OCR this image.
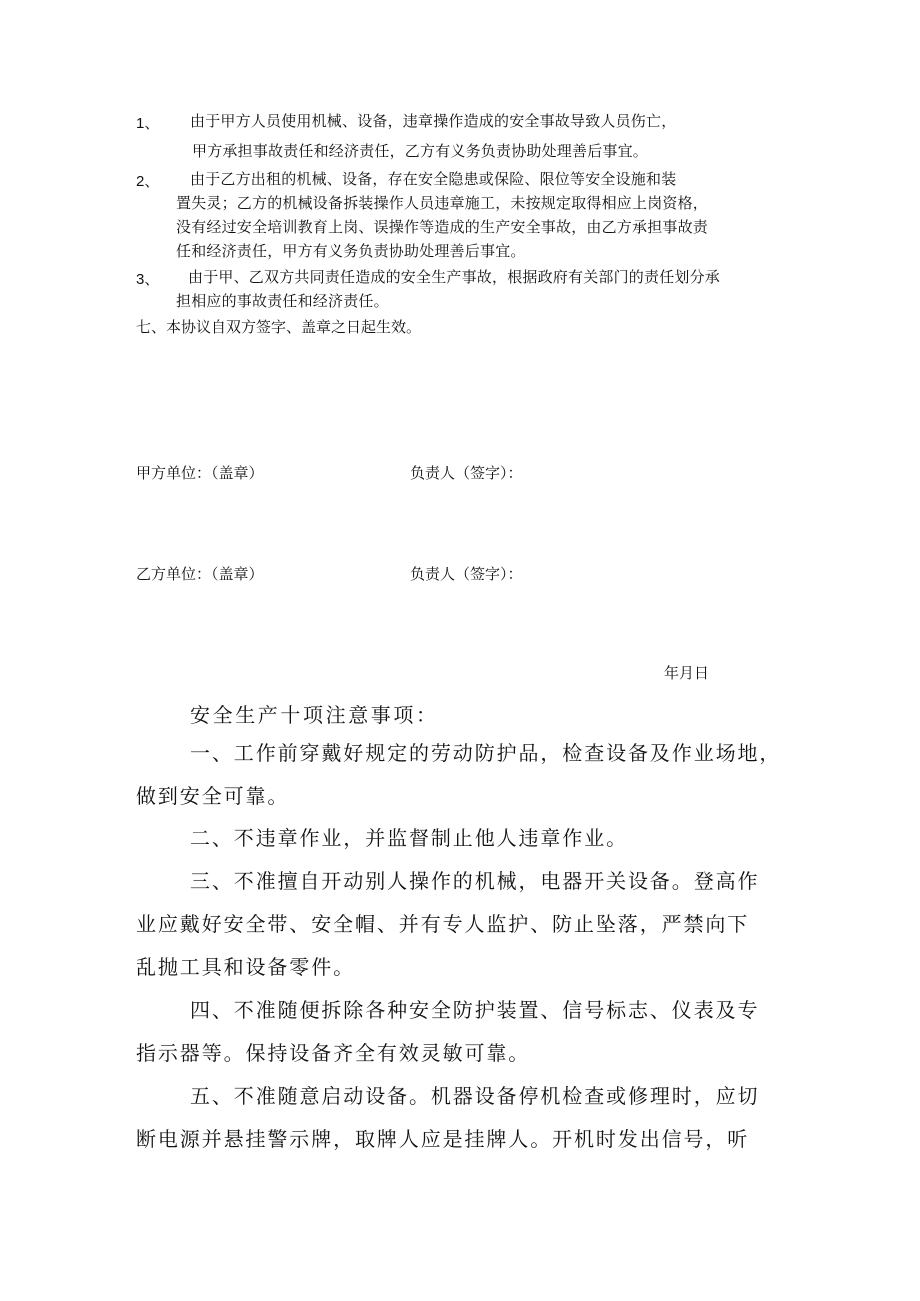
1、 由于甲方人员使用机械、设备，违章操作造成的安全事故导致人员伤亡，
甲方承担事故责任和经济责任，乙方有义务负责协助处理善后事宜。
2、 由于乙方出租的机械、设备，存在安全隐患或保险、限位等安全设施和装
置失灵；乙方的机械设备拆装操作人员违章施工，未按规定取得相应上岗资格，
没有经过安全培训教育上岗、误操作等造成的生产安全事故，由乙方承担事故责
任和经济责任，甲方有义务负责协助处理善后事宜。
3、 由于甲、乙双方共同责任造成的安全生产事故，根据政府有关部门的责任划分承
担相应的事故责任和经济责任。
七、本协议自双方签字、盖章之日起生效。
甲方单位：（盖章）	负责人（签字）：
乙方单位：（盖章）	负责人（签字）：
年月日
安全生产十项注意事项：
一、工作前穿戴好规定的劳动防护品，检查设备及作业场地，
做到安全可靠。
二、不违章作业，并监督制止他人违章作业。
三、不准擅自开动别人操作的机械，电器开关设备。登高作
业应戴好安全带、安全帽、并有专人监护、防止坠落，严禁向下
乱抛工具和设备零件。
四、不准随便拆除各种安全防护装置、信号标志、仪表及专
指示器等。保持设备齐全有效灵敏可靠。
五、不准随意启动设备。机器设备停机检查或修理时，应切
断电源并悬挂警示牌，取牌人应是挂牌人。开机时发出信号，听
